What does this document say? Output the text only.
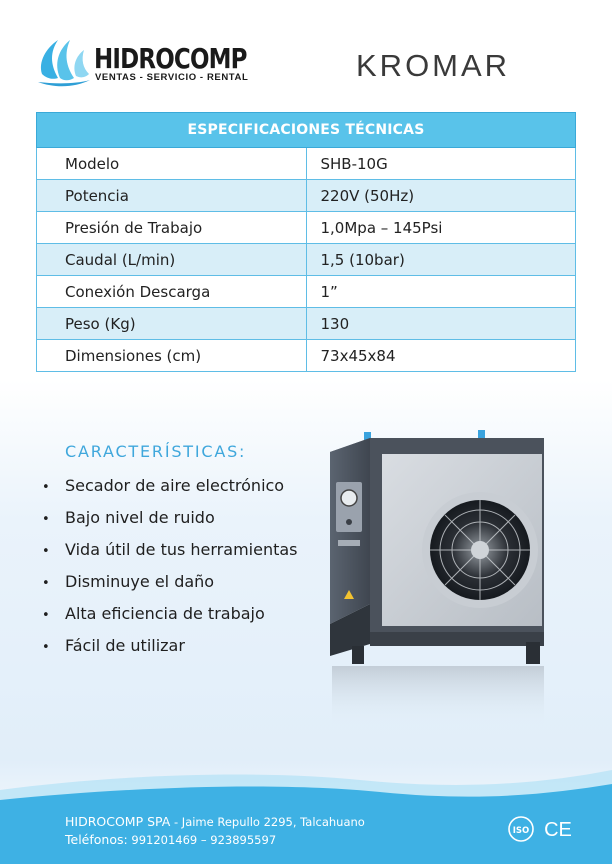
HIDROCOMP
VENTAS - SERVICIO - RENTAL	KROMAR
ESPECIFICACIONES TÉCNICAS	
Modelo	SHB-10G
Potencia	220V (50Hz)
Presión de Trabajo	1,0Mpa – 145Psi
Caudal (L/min)	1,5 (10bar)
Conexión Descarga	1”
Peso (Kg)	130
Dimensiones (cm)	73x45x84
CARACTERÍSTICAS:
• Secador de aire electrónico
• Bajo nivel de ruido
• Vida útil de tus herramientas
• Disminuye el daño
• Alta eficiencia de trabajo
• Fácil de utilizar
HIDROCOMP SPA - Jaime Repullo 2295, Talcahuano
Teléfonos: 991201469 – 923895597
ISO CE
